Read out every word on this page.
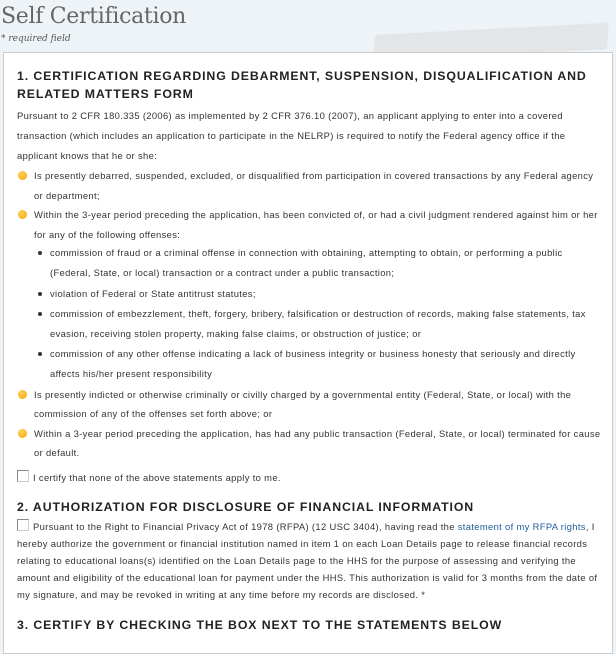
Self Certification
* required field
1. CERTIFICATION REGARDING DEBARMENT, SUSPENSION, DISQUALIFICATION AND RELATED MATTERS FORM

Pursuant to 2 CFR 180.335 (2006) as implemented by 2 CFR 376.10 (2007), an applicant applying to enter into a covered transaction (which includes an application to participate in the NELRP) is required to notify the Federal agency office if the applicant knows that he or she:

Is presently debarred, suspended, excluded, or disqualified from participation in covered transactions by any Federal agency or department;
Within the 3-year period preceding the application, has been convicted of, or had a civil judgment rendered against him or her for any of the following offenses:
commission of fraud or a criminal offense in connection with obtaining, attempting to obtain, or performing a public (Federal, State, or local) transaction or a contract under a public transaction;
violation of Federal or State antitrust statutes;
commission of embezzlement, theft, forgery, bribery, falsification or destruction of records, making false statements, tax evasion, receiving stolen property, making false claims, or obstruction of justice; or
commission of any other offense indicating a lack of business integrity or business honesty that seriously and directly affects his/her present responsibility
Is presently indicted or otherwise criminally or civilly charged by a governmental entity (Federal, State, or local) with the commission of any of the offenses set forth above; or
Within a 3-year period preceding the application, has had any public transaction (Federal, State, or local) terminated for cause or default.
I certify that none of the above statements apply to me.
2. AUTHORIZATION FOR DISCLOSURE OF FINANCIAL INFORMATION
Pursuant to the Right to Financial Privacy Act of 1978 (RFPA) (12 USC 3404), having read the statement of my RFPA rights, I hereby authorize the government or financial institution named in item 1 on each Loan Details page to release financial records relating to educational loans(s) identified on the Loan Details page to the HHS for the purpose of assessing and verifying the amount and eligibility of the educational loan for payment under the HHS. This authorization is valid for 3 months from the date of my signature, and may be revoked in writing at any time before my records are disclosed. *
3. CERTIFY BY CHECKING THE BOX NEXT TO THE STATEMENTS BELOW
